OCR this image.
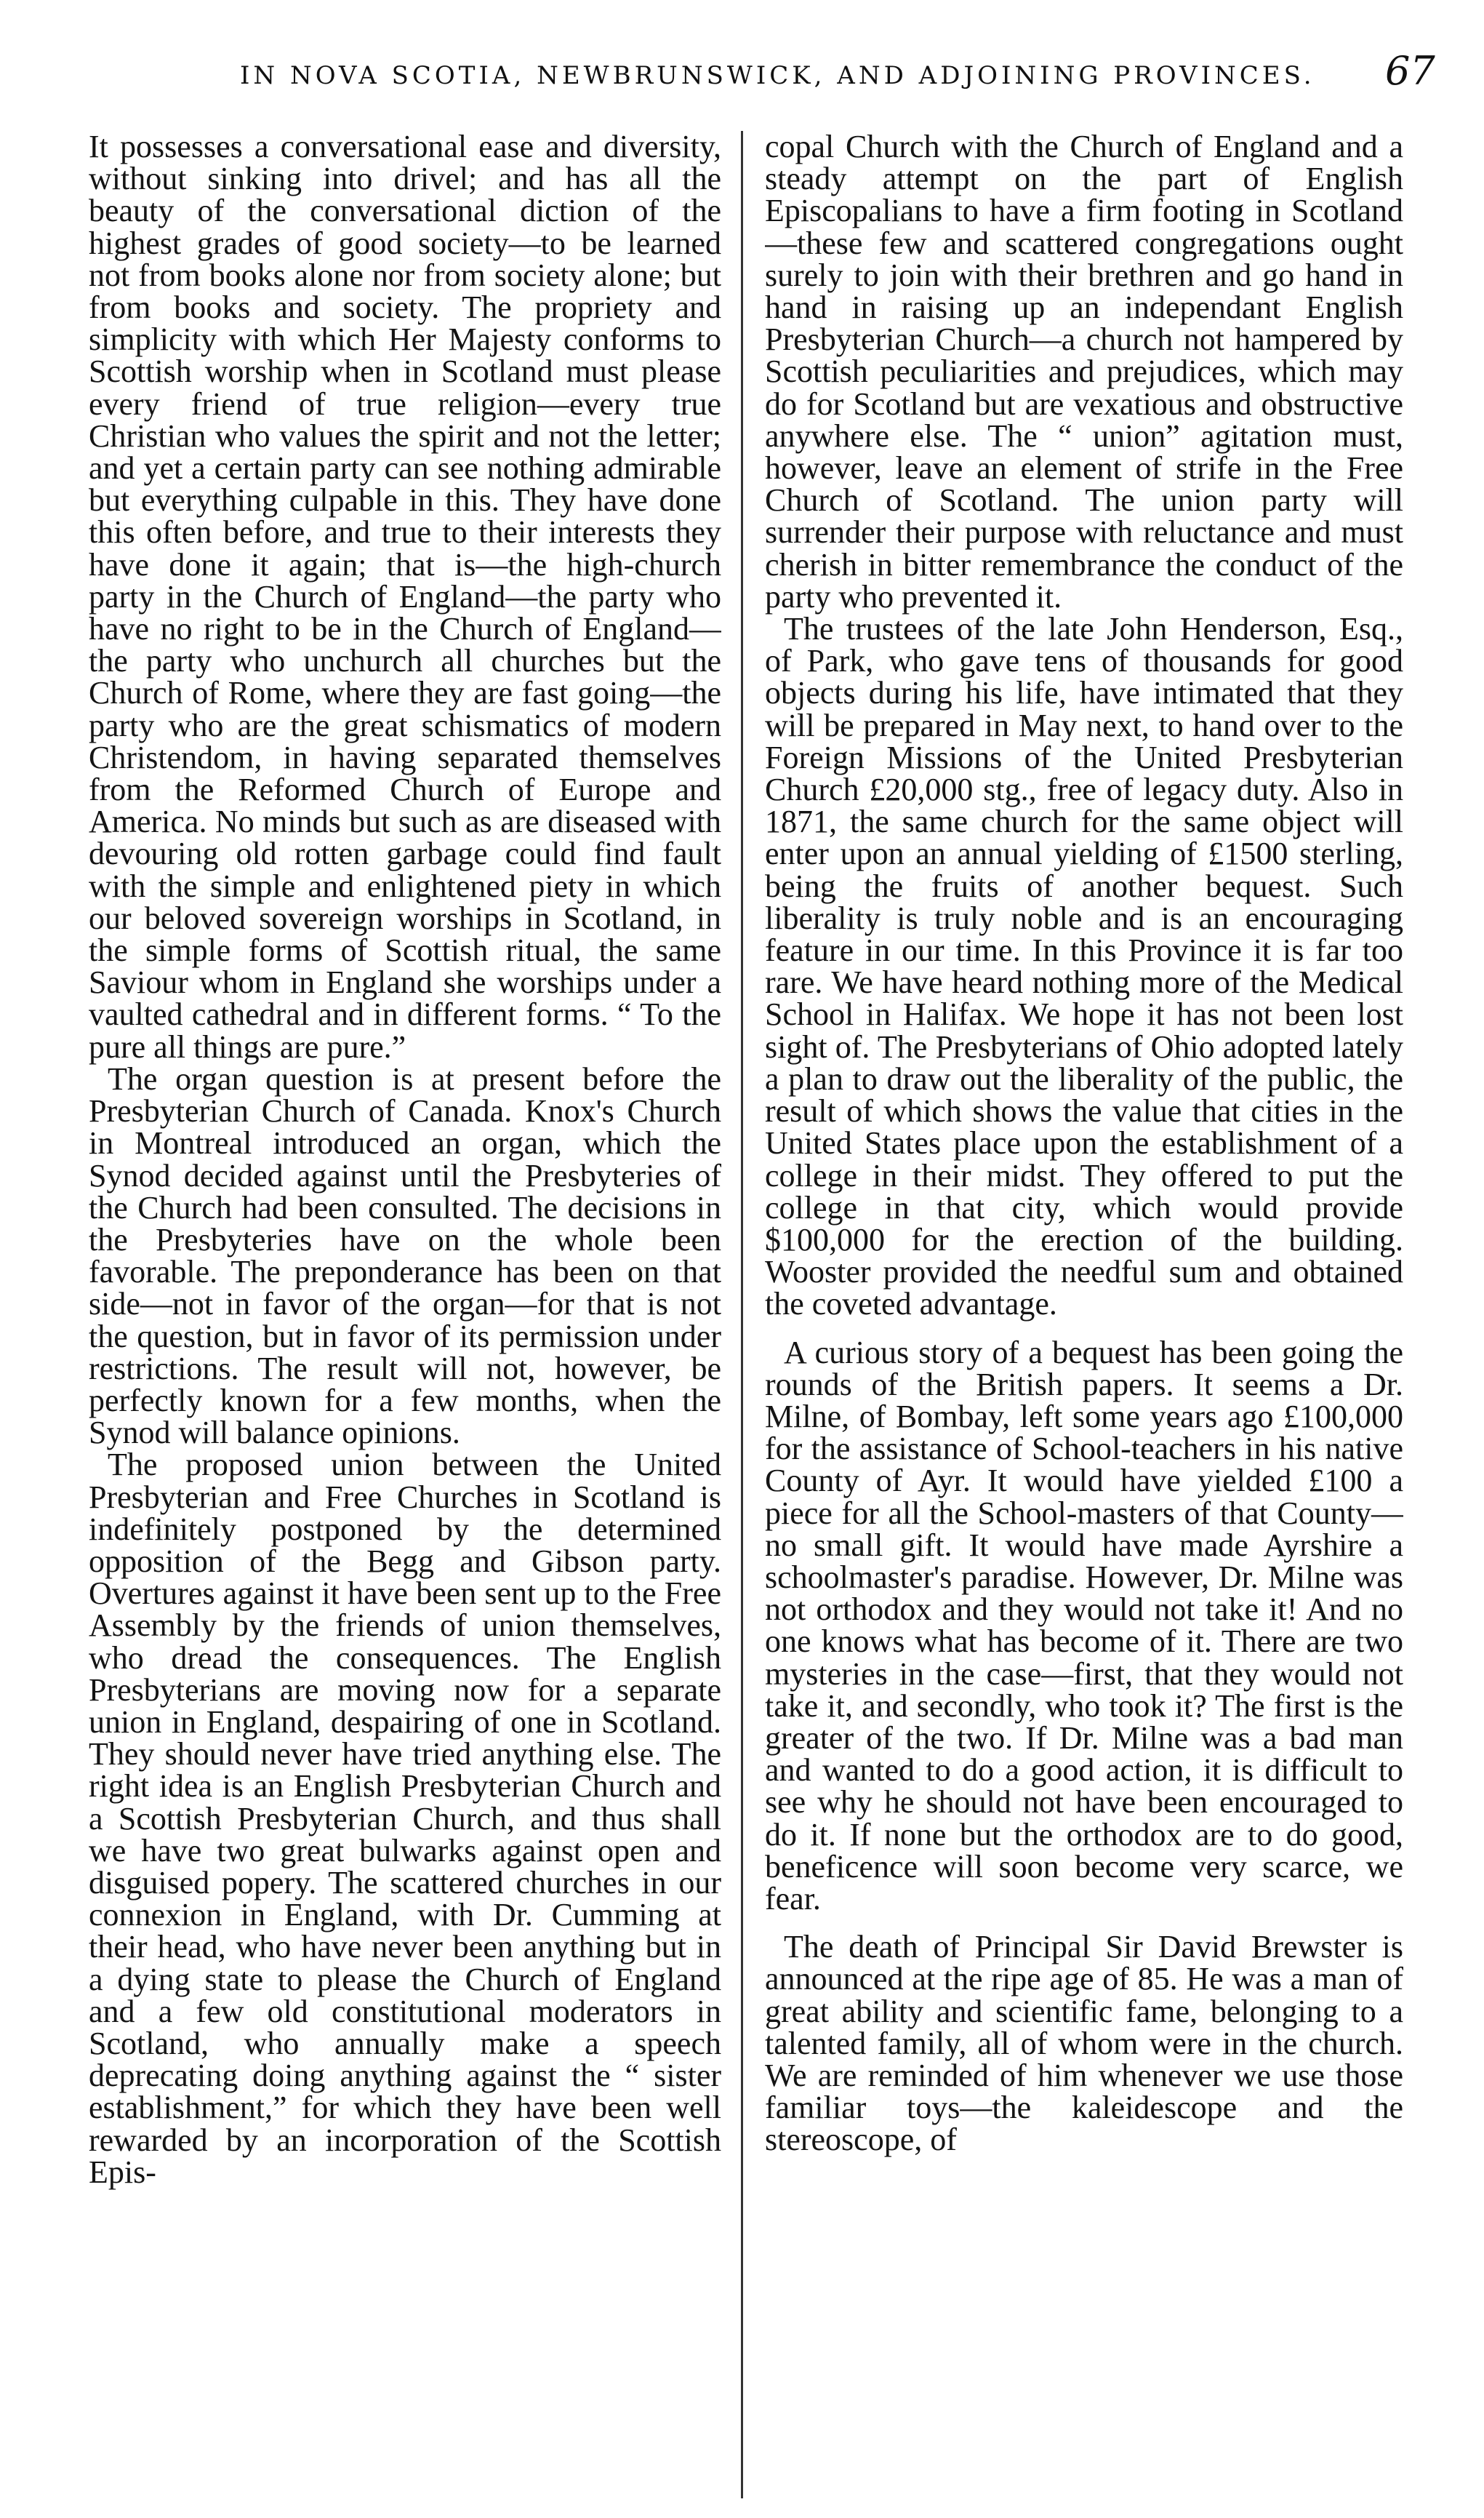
IN NOVA SCOTIA, NEWBRUNSWICK, AND ADJOINING PROVINCES. 67

It possesses a conversational ease and diversity, without sinking into drivel; and has all the beauty of the conversational diction of the highest grades of good society—to be learned not from books alone nor from society alone; but from books and society. The propriety and simplicity with which Her Majesty conforms to Scottish worship when in Scotland must please every friend of true religion—every true Christian who values the spirit and not the letter; and yet a certain party can see nothing admirable but everything culpable in this. They have done this often before, and true to their interests they have done it again; that is—the high-church party in the Church of England—the party who have no right to be in the Church of England—the party who unchurch all churches but the Church of Rome, where they are fast going—the party who are the great schismatics of modern Christendom, in having separated themselves from the Reformed Church of Europe and America. No minds but such as are diseased with devouring old rotten garbage could find fault with the simple and enlightened piety in which our beloved sovereign worships in Scotland, in the simple forms of Scottish ritual, the same Saviour whom in England she worships under a vaulted cathedral and in different forms. “ To the pure all things are pure.”

The organ question is at present before the Presbyterian Church of Canada. Knox's Church in Montreal introduced an organ, which the Synod decided against until the Presbyteries of the Church had been consulted. The decisions in the Presbyteries have on the whole been favorable. The preponderance has been on that side—not in favor of the organ—for that is not the question, but in favor of its permission under restrictions. The result will not, however, be perfectly known for a few months, when the Synod will balance opinions.

The proposed union between the United Presbyterian and Free Churches in Scotland is indefinitely postponed by the determined opposition of the Begg and Gibson party. Overtures against it have been sent up to the Free Assembly by the friends of union themselves, who dread the consequences. The English Presbyterians are moving now for a separate union in England, despairing of one in Scotland. They should never have tried anything else. The right idea is an English Presbyterian Church and a Scottish Presbyterian Church, and thus shall we have two great bulwarks against open and disguised popery. The scattered churches in our connexion in England, with Dr. Cumming at their head, who have never been anything but in a dying state to please the Church of England and a few old constitutional moderators in Scotland, who annually make a speech deprecating doing anything against the “ sister establishment,” for which they have been well rewarded by an incorporation of the Scottish Epis-

copal Church with the Church of England and a steady attempt on the part of English Episcopalians to have a firm footing in Scotland—these few and scattered congregations ought surely to join with their brethren and go hand in hand in raising up an independant English Presbyterian Church—a church not hampered by Scottish peculiarities and prejudices, which may do for Scotland but are vexatious and obstructive anywhere else. The “ union” agitation must, however, leave an element of strife in the Free Church of Scotland. The union party will surrender their purpose with reluctance and must cherish in bitter remembrance the conduct of the party who prevented it.

The trustees of the late John Henderson, Esq., of Park, who gave tens of thousands for good objects during his life, have intimated that they will be prepared in May next, to hand over to the Foreign Missions of the United Presbyterian Church £20,000 stg., free of legacy duty. Also in 1871, the same church for the same object will enter upon an annual yielding of £1500 sterling, being the fruits of another bequest. Such liberality is truly noble and is an encouraging feature in our time. In this Province it is far too rare. We have heard nothing more of the Medical School in Halifax. We hope it has not been lost sight of. The Presbyterians of Ohio adopted lately a plan to draw out the liberality of the public, the result of which shows the value that cities in the United States place upon the establishment of a college in their midst. They offered to put the college in that city, which would provide $100,000 for the erection of the building. Wooster provided the needful sum and obtained the coveted advantage.

A curious story of a bequest has been going the rounds of the British papers. It seems a Dr. Milne, of Bombay, left some years ago £100,000 for the assistance of School-teachers in his native County of Ayr. It would have yielded £100 a piece for all the School-masters of that County—no small gift. It would have made Ayrshire a schoolmaster's paradise. However, Dr. Milne was not orthodox and they would not take it! And no one knows what has become of it. There are two mysteries in the case—first, that they would not take it, and secondly, who took it? The first is the greater of the two. If Dr. Milne was a bad man and wanted to do a good action, it is difficult to see why he should not have been encouraged to do it. If none but the orthodox are to do good, beneficence will soon become very scarce, we fear.

The death of Principal Sir David Brewster is announced at the ripe age of 85. He was a man of great ability and scientific fame, belonging to a talented family, all of whom were in the church. We are reminded of him whenever we use those familiar toys—the kaleidescope and the stereoscope, of
